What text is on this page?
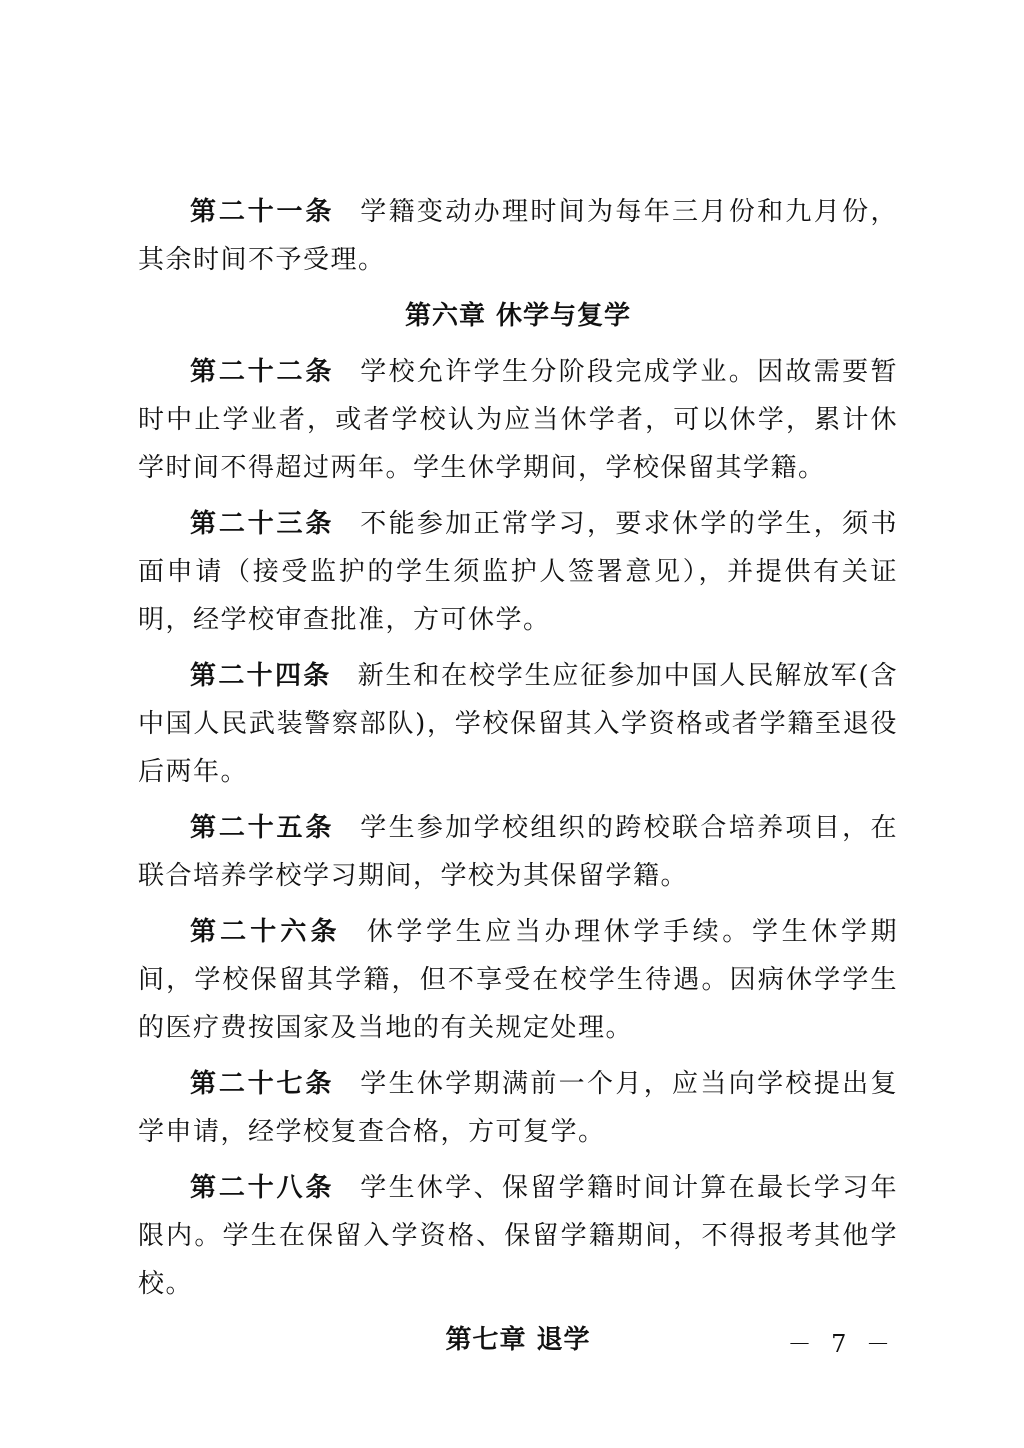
第二十一条 学籍变动办理时间为每年三月份和九月份，其余时间不予受理。

第六章 休学与复学

第二十二条 学校允许学生分阶段完成学业。因故需要暂时中止学业者，或者学校认为应当休学者，可以休学，累计休学时间不得超过两年。学生休学期间，学校保留其学籍。

第二十三条 不能参加正常学习，要求休学的学生，须书面申请（接受监护的学生须监护人签署意见），并提供有关证明，经学校审查批准，方可休学。

第二十四条 新生和在校学生应征参加中国人民解放军(含中国人民武装警察部队)，学校保留其入学资格或者学籍至退役后两年。

第二十五条 学生参加学校组织的跨校联合培养项目，在联合培养学校学习期间，学校为其保留学籍。

第二十六条 休学学生应当办理休学手续。学生休学期间，学校保留其学籍，但不享受在校学生待遇。因病休学学生的医疗费按国家及当地的有关规定处理。

第二十七条 学生休学期满前一个月，应当向学校提出复学申请，经学校复查合格，方可复学。

第二十八条 学生休学、保留学籍时间计算在最长学习年限内。学生在保留入学资格、保留学籍期间，不得报考其他学校。

第七章 退学	－ 7 －
